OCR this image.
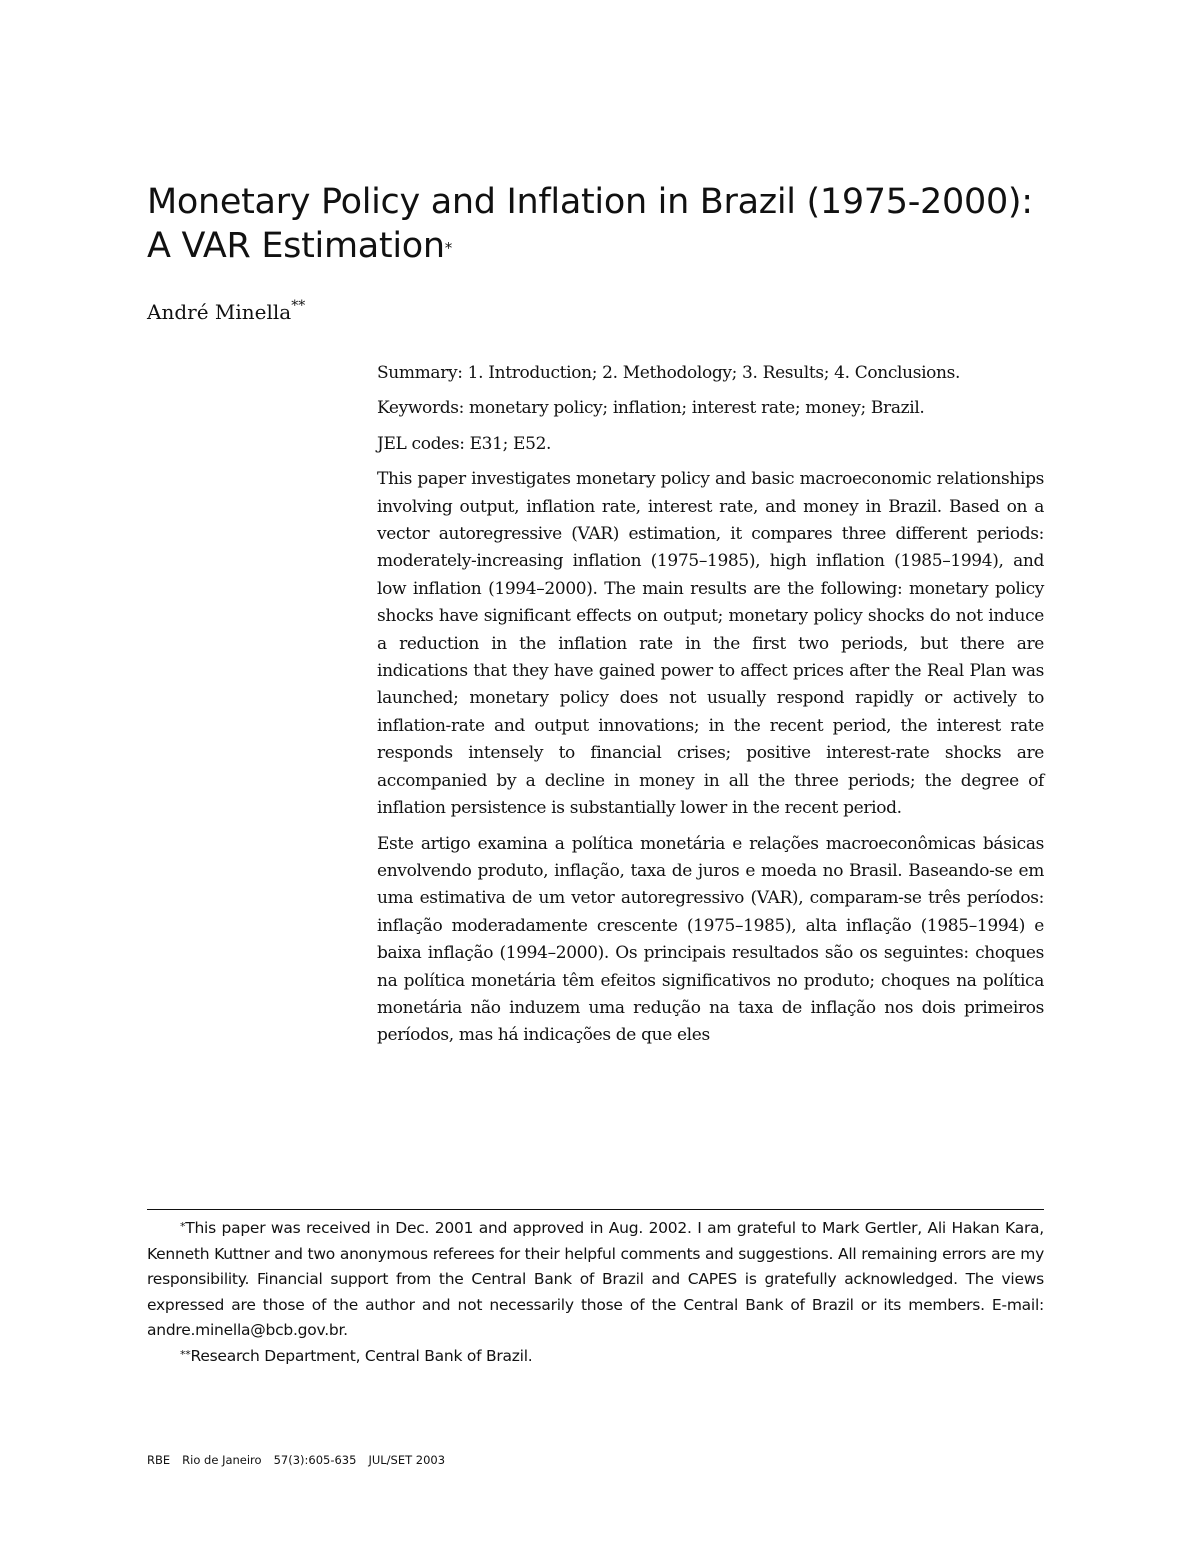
Monetary Policy and Inflation in Brazil (1975-2000): A VAR Estimation*
André Minella**

Summary: 1. Introduction; 2. Methodology; 3. Results; 4. Conclusions.

Keywords: monetary policy; inflation; interest rate; money; Brazil.

JEL codes: E31; E52.

This paper investigates monetary policy and basic macroeconomic relationships involving output, inflation rate, interest rate, and money in Brazil. Based on a vector autoregressive (VAR) estimation, it compares three different periods: moderately-increasing inflation (1975–1985), high inflation (1985–1994), and low inflation (1994–2000). The main results are the following: monetary policy shocks have significant effects on output; monetary policy shocks do not induce a reduction in the inflation rate in the first two periods, but there are indications that they have gained power to affect prices after the Real Plan was launched; monetary policy does not usually respond rapidly or actively to inflation-rate and output innovations; in the recent period, the interest rate responds intensely to financial crises; positive interest-rate shocks are accompanied by a decline in money in all the three periods; the degree of inflation persistence is substantially lower in the recent period.

Este artigo examina a política monetária e relações macroeconômicas básicas envolvendo produto, inflação, taxa de juros e moeda no Brasil. Baseando-se em uma estimativa de um vetor autoregressivo (VAR), comparam-se três períodos: inflação moderadamente crescente (1975–1985), alta inflação (1985–1994) e baixa inflação (1994–2000). Os principais resultados são os seguintes: choques na política monetária têm efeitos significativos no produto; choques na política monetária não induzem uma redução na taxa de inflação nos dois primeiros períodos, mas há indicações de que eles

*This paper was received in Dec. 2001 and approved in Aug. 2002. I am grateful to Mark Gertler, Ali Hakan Kara, Kenneth Kuttner and two anonymous referees for their helpful comments and suggestions. All remaining errors are my responsibility. Financial support from the Central Bank of Brazil and CAPES is gratefully acknowledged. The views expressed are those of the author and not necessarily those of the Central Bank of Brazil or its members. E-mail: andre.minella@bcb.gov.br.

**Research Department, Central Bank of Brazil.

RBE Rio de Janeiro 57(3):605-635 JUL/SET 2003
